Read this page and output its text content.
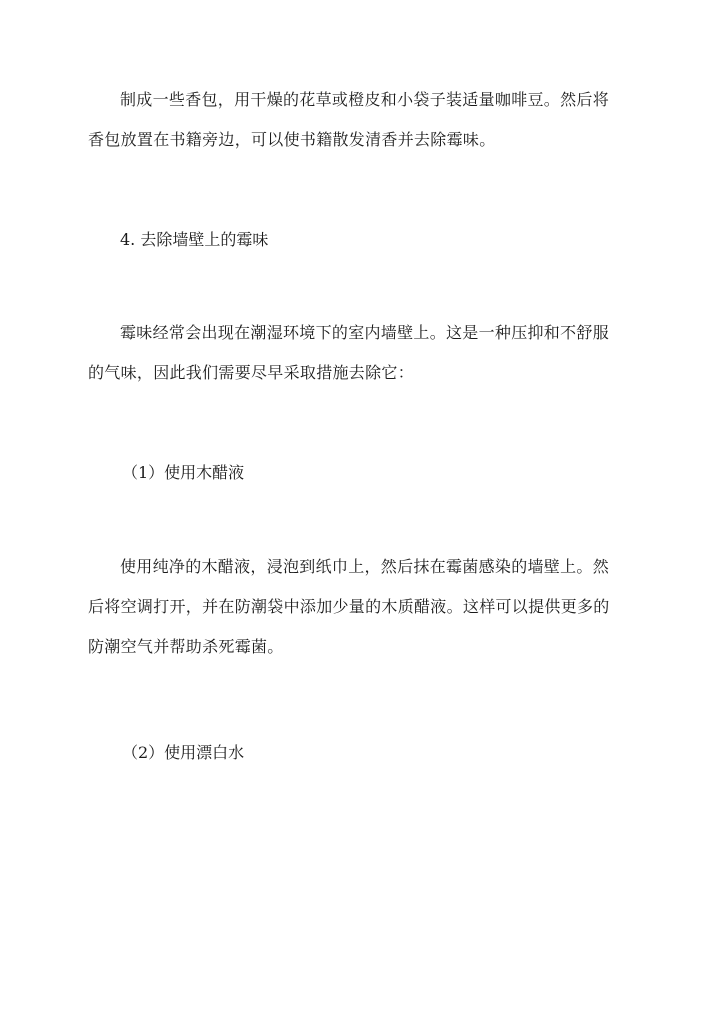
制成一些香包，用干燥的花草或橙皮和小袋子装适量咖啡豆。然后将
香包放置在书籍旁边，可以使书籍散发清香并去除霉味。

4. 去除墙壁上的霉味

霉味经常会出现在潮湿环境下的室内墙壁上。这是一种压抑和不舒服
的气味，因此我们需要尽早采取措施去除它：

（1）使用木醋液

使用纯净的木醋液，浸泡到纸巾上，然后抹在霉菌感染的墙壁上。然
后将空调打开，并在防潮袋中添加少量的木质醋液。这样可以提供更多的
防潮空气并帮助杀死霉菌。

（2）使用漂白水
